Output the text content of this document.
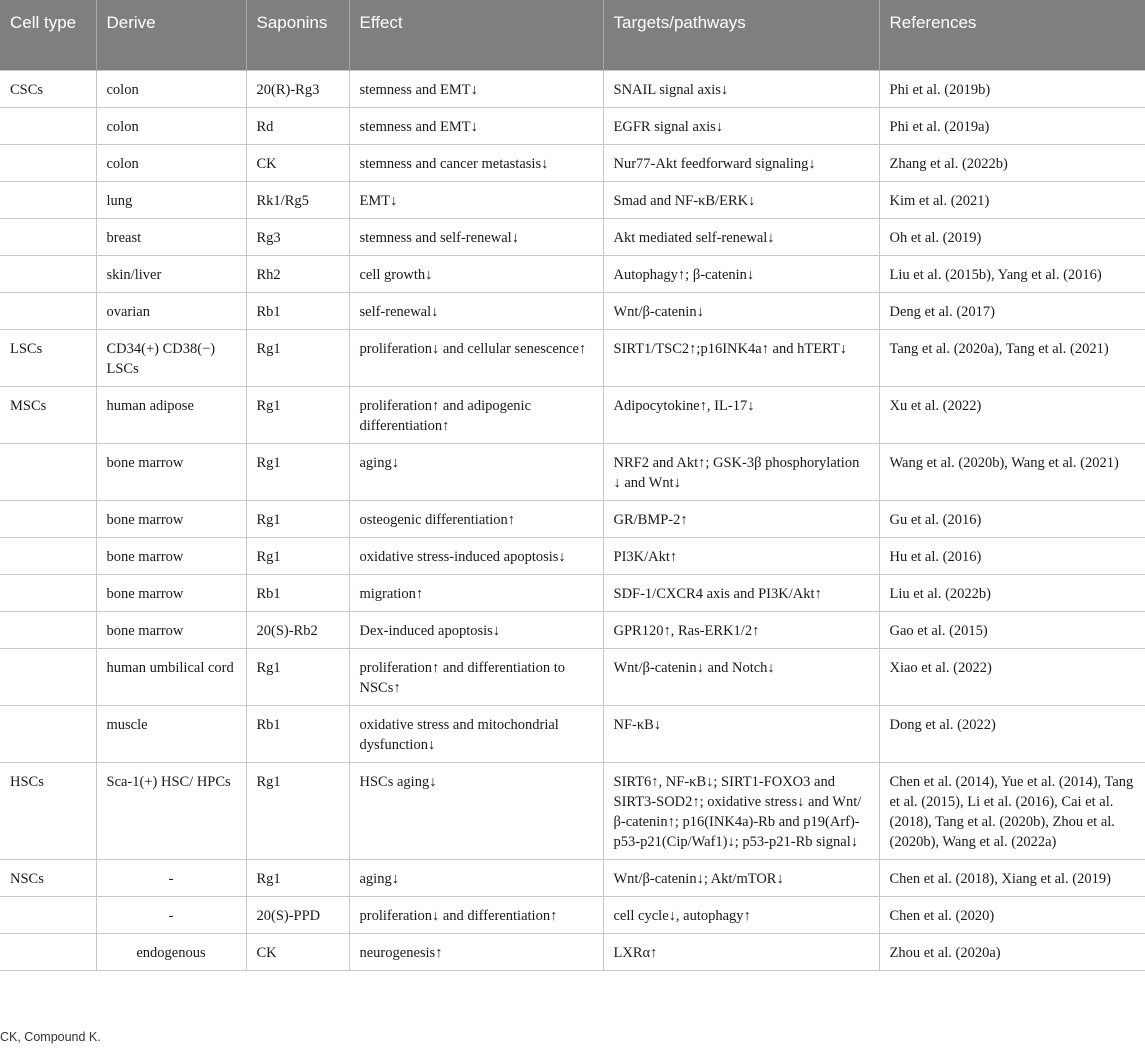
Cell type	Derive	Saponins	Effect	Targets/pathways	References
CSCs	colon	20(R)-Rg3	stemness and EMT↓	SNAIL signal axis↓	Phi et al. (2019b)
	colon	Rd	stemness and EMT↓	EGFR signal axis↓	Phi et al. (2019a)
	colon	CK	stemness and cancer metastasis↓	Nur77-Akt feedforward signaling↓	Zhang et al. (2022b)
	lung	Rk1/Rg5	EMT↓	Smad and NF-κB/ERK↓	Kim et al. (2021)
	breast	Rg3	stemness and self-renewal↓	Akt mediated self-renewal↓	Oh et al. (2019)
	skin/liver	Rh2	cell growth↓	Autophagy↑; β-catenin↓	Liu et al. (2015b), Yang et al. (2016)
	ovarian	Rb1	self-renewal↓	Wnt/β-catenin↓	Deng et al. (2017)
LSCs	CD34(+) CD38(−) LSCs	Rg1	proliferation↓ and cellular senescence↑	SIRT1/TSC2↑;p16INK4a↑ and hTERT↓	Tang et al. (2020a), Tang et al. (2021)
MSCs	human adipose	Rg1	proliferation↑ and adipogenic differentiation↑	Adipocytokine↑, IL-17↓	Xu et al. (2022)
	bone marrow	Rg1	aging↓	NRF2 and Akt↑; GSK-3β phosphorylation ↓ and Wnt↓	Wang et al. (2020b), Wang et al. (2021)
	bone marrow	Rg1	osteogenic differentiation↑	GR/BMP-2↑	Gu et al. (2016)
	bone marrow	Rg1	oxidative stress-induced apoptosis↓	PI3K/Akt↑	Hu et al. (2016)
	bone marrow	Rb1	migration↑	SDF-1/CXCR4 axis and PI3K/Akt↑	Liu et al. (2022b)
	bone marrow	20(S)-Rb2	Dex-induced apoptosis↓	GPR120↑, Ras-ERK1/2↑	Gao et al. (2015)
	human umbilical cord	Rg1	proliferation↑ and differentiation to NSCs↑	Wnt/β-catenin↓ and Notch↓	Xiao et al. (2022)
	muscle	Rb1	oxidative stress and mitochondrial dysfunction↓	NF-κB↓	Dong et al. (2022)
HSCs	Sca-1(+) HSC/ HPCs	Rg1	HSCs aging↓	SIRT6↑, NF-κB↓; SIRT1-FOXO3 and SIRT3-SOD2↑; oxidative stress↓ and Wnt/β-catenin↑; p16(INK4a)-Rb and p19(Arf)-p53-p21(Cip/Waf1)↓; p53-p21-Rb signal↓	Chen et al. (2014), Yue et al. (2014), Tang et al. (2015), Li et al. (2016), Cai et al. (2018), Tang et al. (2020b), Zhou et al. (2020b), Wang et al. (2022a)
NSCs	-	Rg1	aging↓	Wnt/β-catenin↓; Akt/mTOR↓	Chen et al. (2018), Xiang et al. (2019)
	-	20(S)-PPD	proliferation↓ and differentiation↑	cell cycle↓, autophagy↑	Chen et al. (2020)
	endogenous	CK	neurogenesis↑	LXRα↑	Zhou et al. (2020a)
CK, Compound K.
